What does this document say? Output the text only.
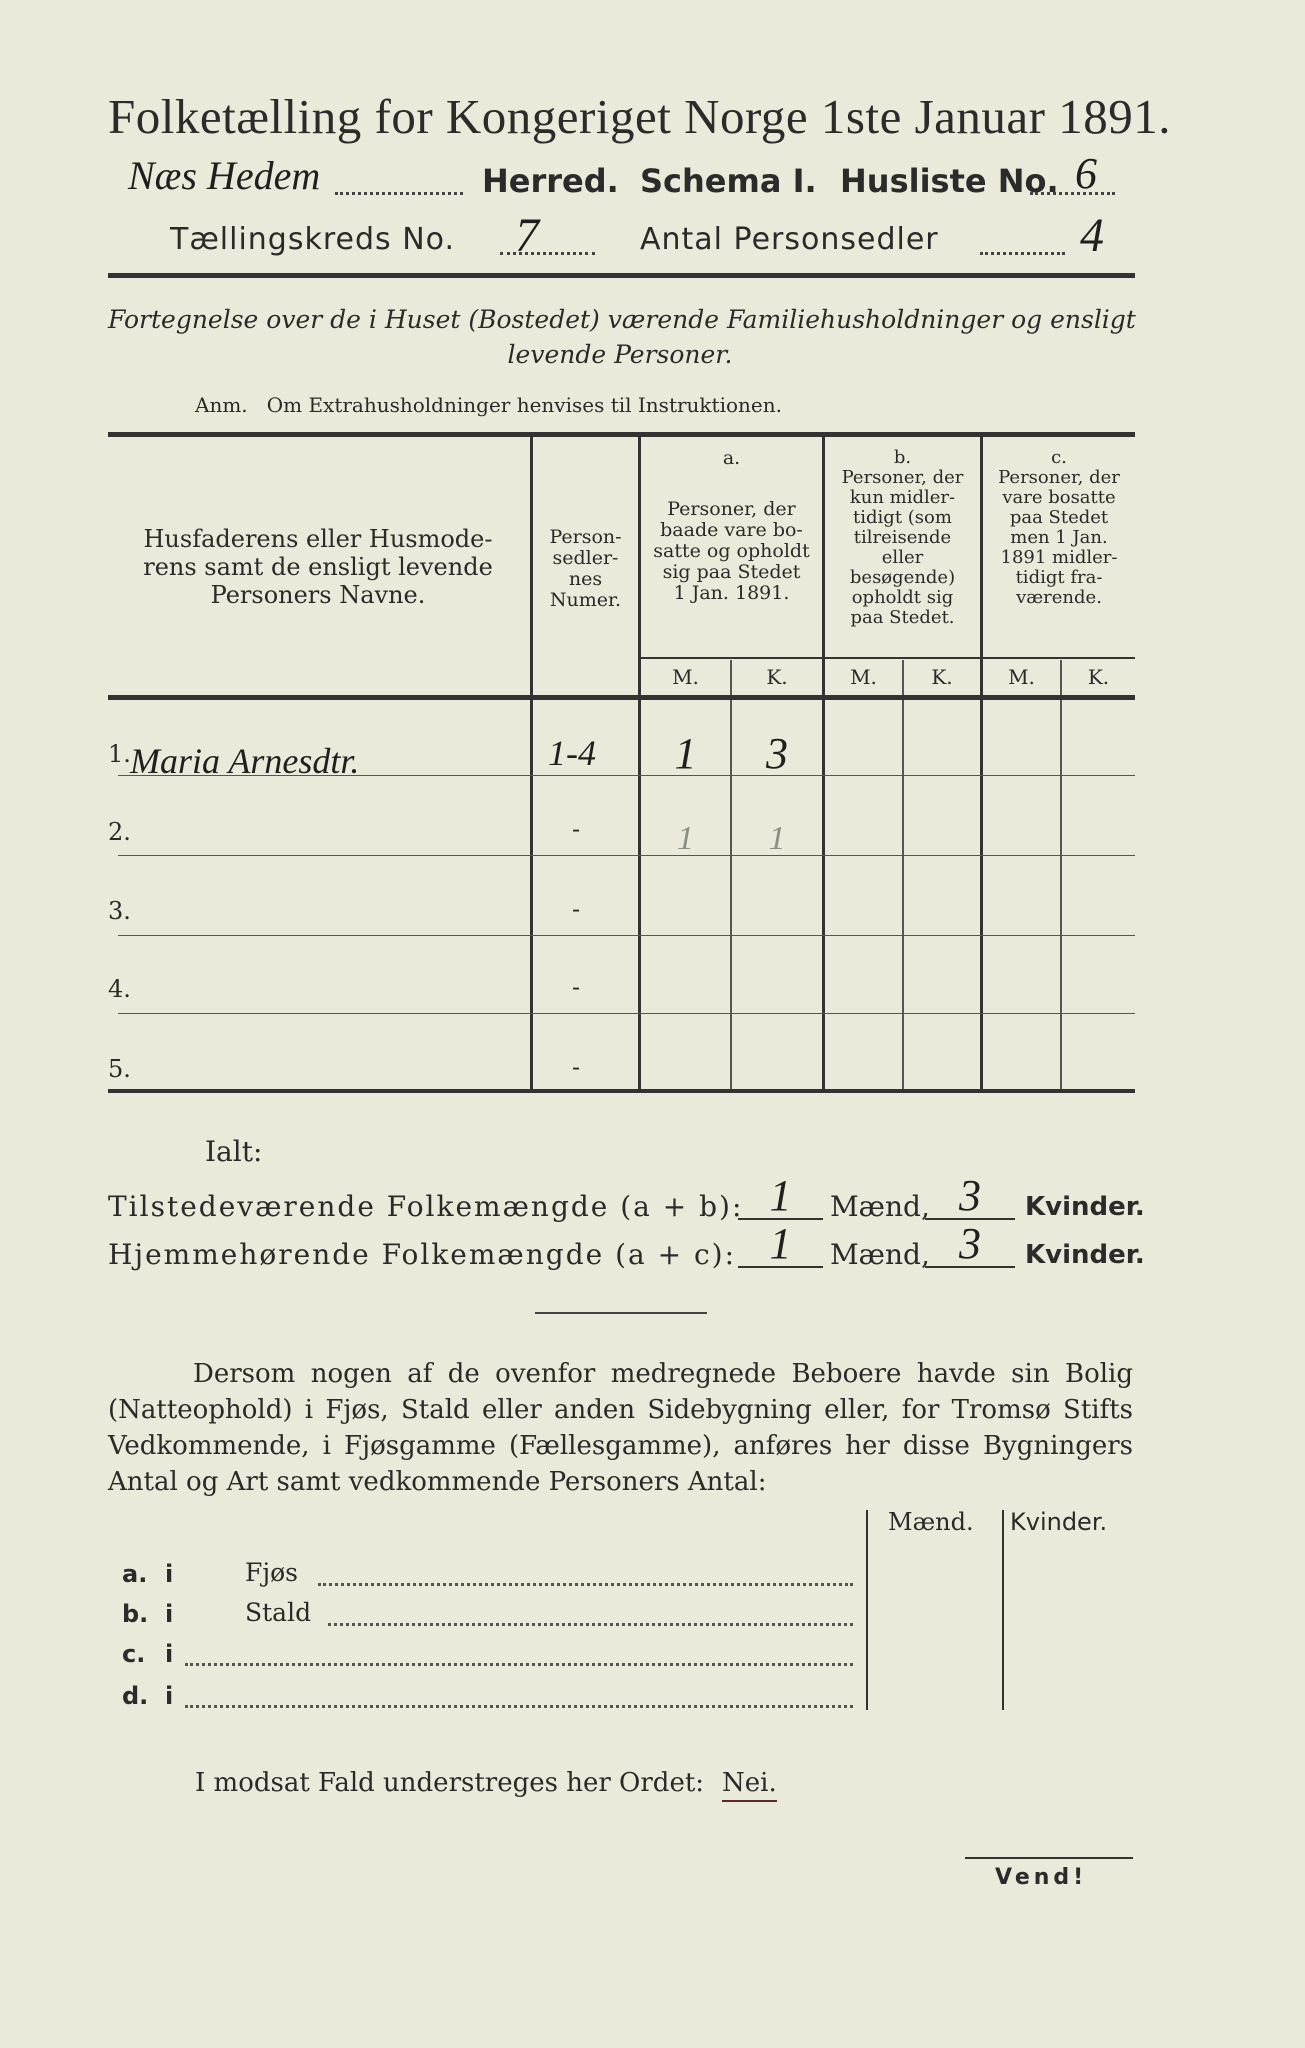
Folketælling for Kongeriget Norge 1ste Januar 1891.
Næs Hedem	Herred. Schema I. Husliste No. 6
Tællingskreds No. 7	Antal Personsedler	4
Fortegnelse over de i Huset (Bostedet) værende Familiehusholdninger og ensligt
levende Personer.
Anm.   Om Extrahusholdninger henvises til Instruktionen.
Husfaderens eller Husmode-
rens samt de ensligt levende
Personers Navne.
Person-
sedler-
nes
Numer.
a.
Personer, der
baade vare bo-
satte og opholdt
sig paa Stedet
1 Jan. 1891.
b.
Personer, der
kun midler-
tidigt (som
tilreisende
eller
besøgende)
opholdt sig
paa Stedet.
c.
Personer, der
vare bosatte
paa Stedet
men 1 Jan.
1891 midler-
tidigt fra-
værende.
M.	K.	M.	K.	M.	K.
1. Maria Arnesdtr.	1-4	1	3
2.	-	1	1
3.	-
4.	-
5.	-
Ialt:
Tilstedeværende Folkemængde (a + b): 1	Mænd, 3	Kvinder.
Hjemmehørende Folkemængde (a + c): 1	Mænd, 3	Kvinder.
Dersom nogen af de ovenfor medregnede Beboere havde sin Bolig (Natteophold) i Fjøs, Stald eller anden Sidebygning eller, for Tromsø Stifts Vedkommende, i Fjøsgamme (Fællesgamme), anføres her disse Bygningers Antal og Art samt vedkommende Personers Antal:
Mænd. Kvinder.
a. i	Fjøs
b. i	Stald
c. i
d. i
I modsat Fald understreges her Ordet: Nei.
Vend!
